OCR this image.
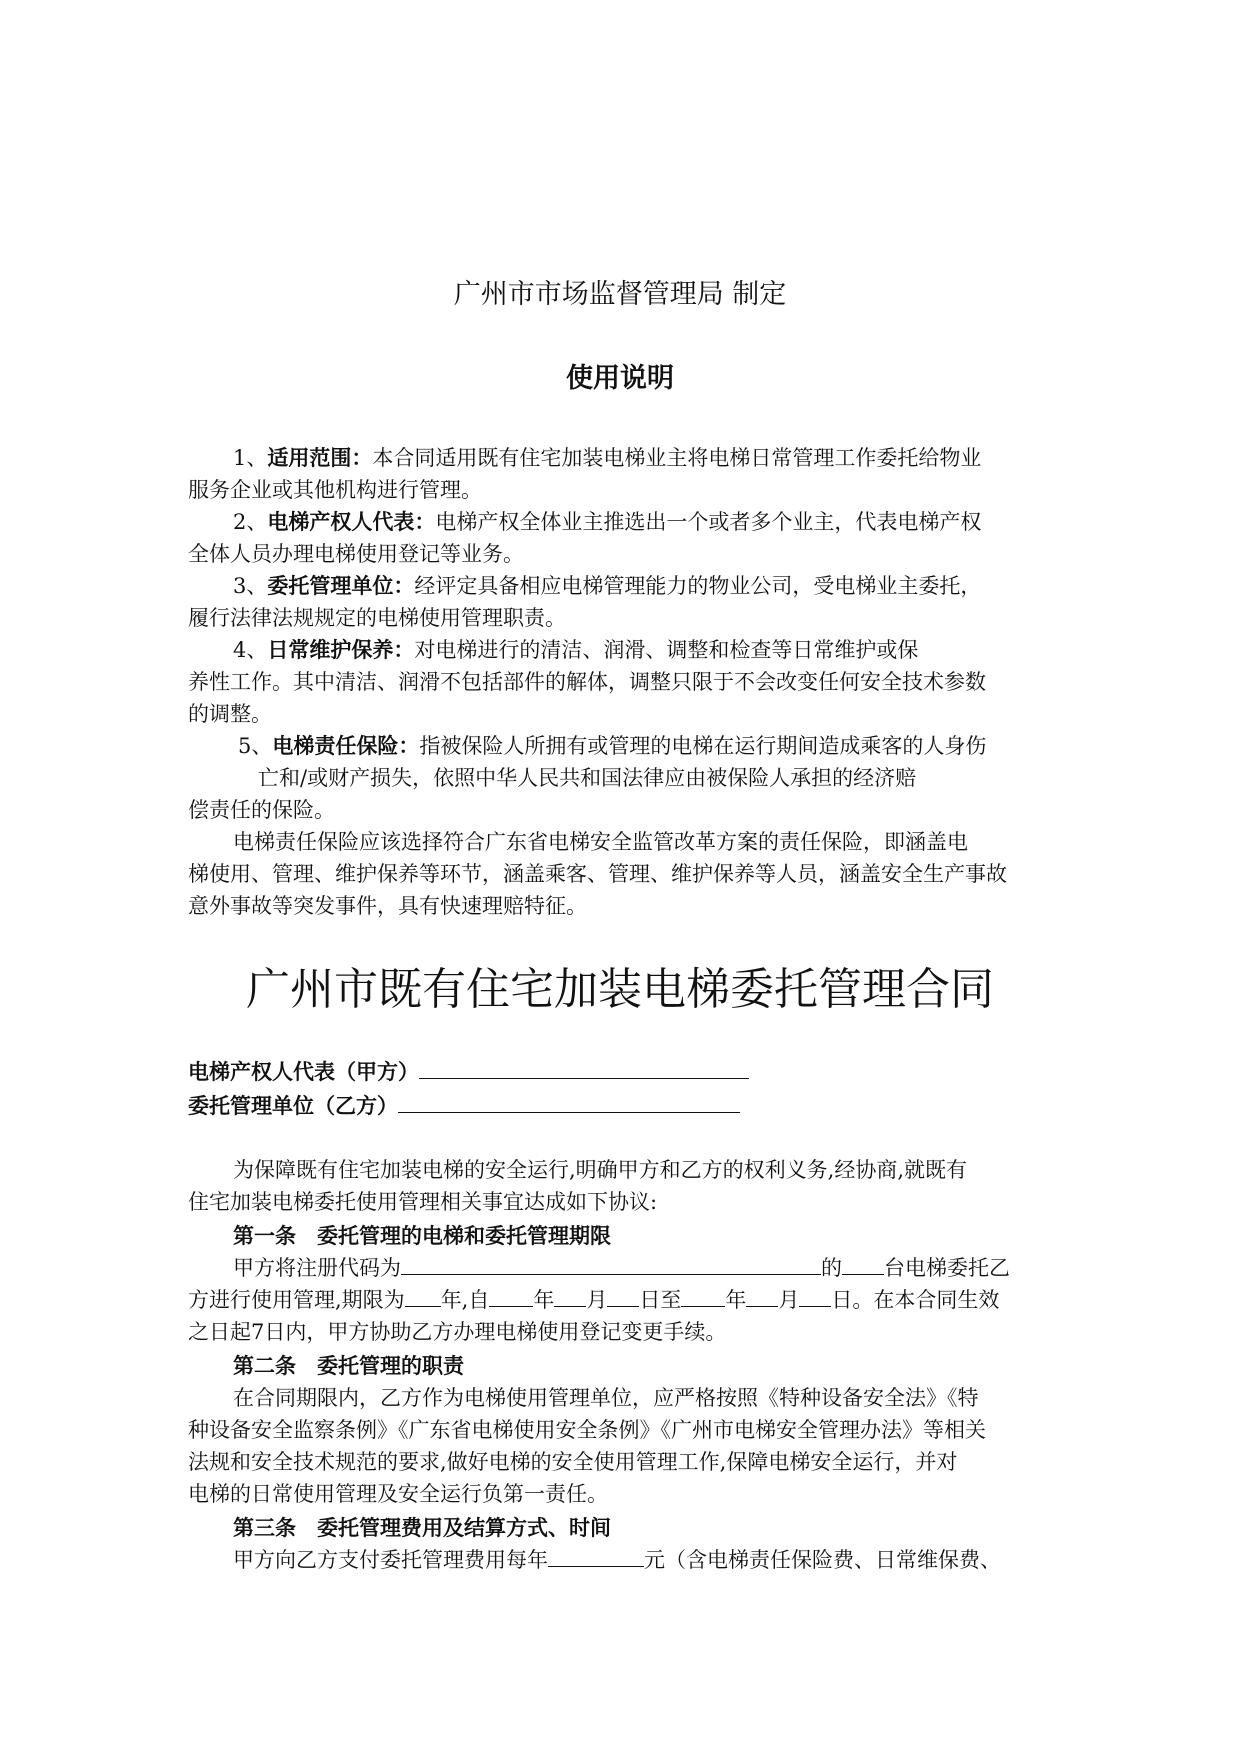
广州市市场监督管理局 制定
使用说明
1、适用范围：本合同适用既有住宅加装电梯业主将电梯日常管理工作委托给物业
服务企业或其他机构进行管理。
2、电梯产权人代表：电梯产权全体业主推选出一个或者多个业主，代表电梯产权
全体人员办理电梯使用登记等业务。
3、委托管理单位：经评定具备相应电梯管理能力的物业公司，受电梯业主委托，
履行法律法规规定的电梯使用管理职责。
4、日常维护保养：对电梯进行的清洁、润滑、调整和检查等日常维护或保
养性工作。其中清洁、润滑不包括部件的解体，调整只限于不会改变任何安全技术参数
的调整。
5、电梯责任保险：指被保险人所拥有或管理的电梯在运行期间造成乘客的人身伤
亡和/或财产损失，依照中华人民共和国法律应由被保险人承担的经济赔
偿责任的保险。
电梯责任保险应该选择符合广东省电梯安全监管改革方案的责任保险，即涵盖电
梯使用、管理、维护保养等环节，涵盖乘客、管理、维护保养等人员，涵盖安全生产事故
意外事故等突发事件，具有快速理赔特征。
广州市既有住宅加装电梯委托管理合同
电梯产权人代表（甲方）
委托管理单位（乙方）
为保障既有住宅加装电梯的安全运行,明确甲方和乙方的权利义务,经协商,就既有
住宅加装电梯委托使用管理相关事宜达成如下协议:
第一条　委托管理的电梯和委托管理期限
甲方将注册代码为	的 台电梯委托乙
方进行使用管理,期限为 年,自 年 月 日至 年 月 日。在本合同生效
之日起7日内，甲方协助乙方办理电梯使用登记变更手续。
第二条　委托管理的职责
在合同期限内，乙方作为电梯使用管理单位，应严格按照《特种设备安全法》《特
种设备安全监察条例》《广东省电梯使用安全条例》《广州市电梯安全管理办法》等相关
法规和安全技术规范的要求,做好电梯的安全使用管理工作,保障电梯安全运行，并对
电梯的日常使用管理及安全运行负第一责任。
第三条　委托管理费用及结算方式、时间
甲方向乙方支付委托管理费用每年	元（含电梯责任保险费、日常维保费、
